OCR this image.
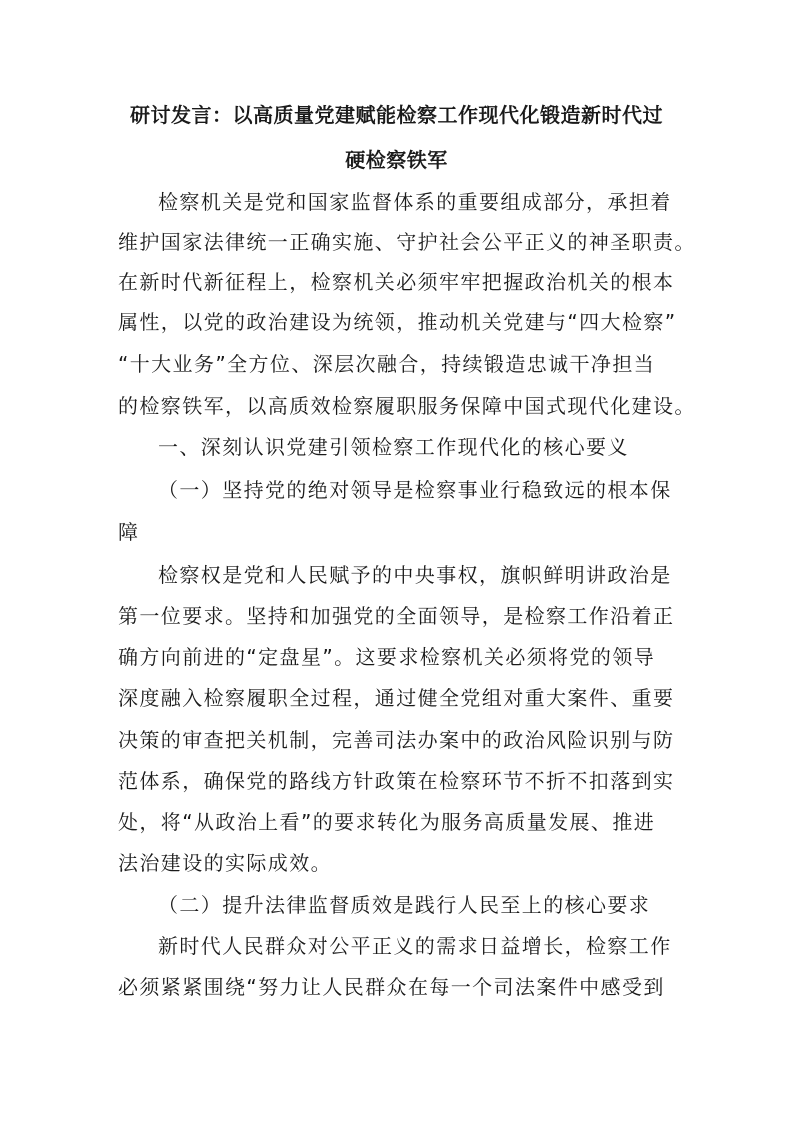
研讨发言：以高质量党建赋能检察工作现代化锻造新时代过
硬检察铁军
检察机关是党和国家监督体系的重要组成部分，承担着
维护国家法律统一正确实施、守护社会公平正义的神圣职责。
在新时代新征程上，检察机关必须牢牢把握政治机关的根本
属性，以党的政治建设为统领，推动机关党建与“四大检察”
“十大业务”全方位、深层次融合，持续锻造忠诚干净担当
的检察铁军，以高质效检察履职服务保障中国式现代化建设。
一、深刻认识党建引领检察工作现代化的核心要义
（一）坚持党的绝对领导是检察事业行稳致远的根本保
障
检察权是党和人民赋予的中央事权，旗帜鲜明讲政治是
第一位要求。坚持和加强党的全面领导，是检察工作沿着正
确方向前进的“定盘星”。这要求检察机关必须将党的领导
深度融入检察履职全过程，通过健全党组对重大案件、重要
决策的审查把关机制，完善司法办案中的政治风险识别与防
范体系，确保党的路线方针政策在检察环节不折不扣落到实
处，将“从政治上看”的要求转化为服务高质量发展、推进
法治建设的实际成效。
（二）提升法律监督质效是践行人民至上的核心要求
新时代人民群众对公平正义的需求日益增长，检察工作
必须紧紧围绕“努力让人民群众在每一个司法案件中感受到
